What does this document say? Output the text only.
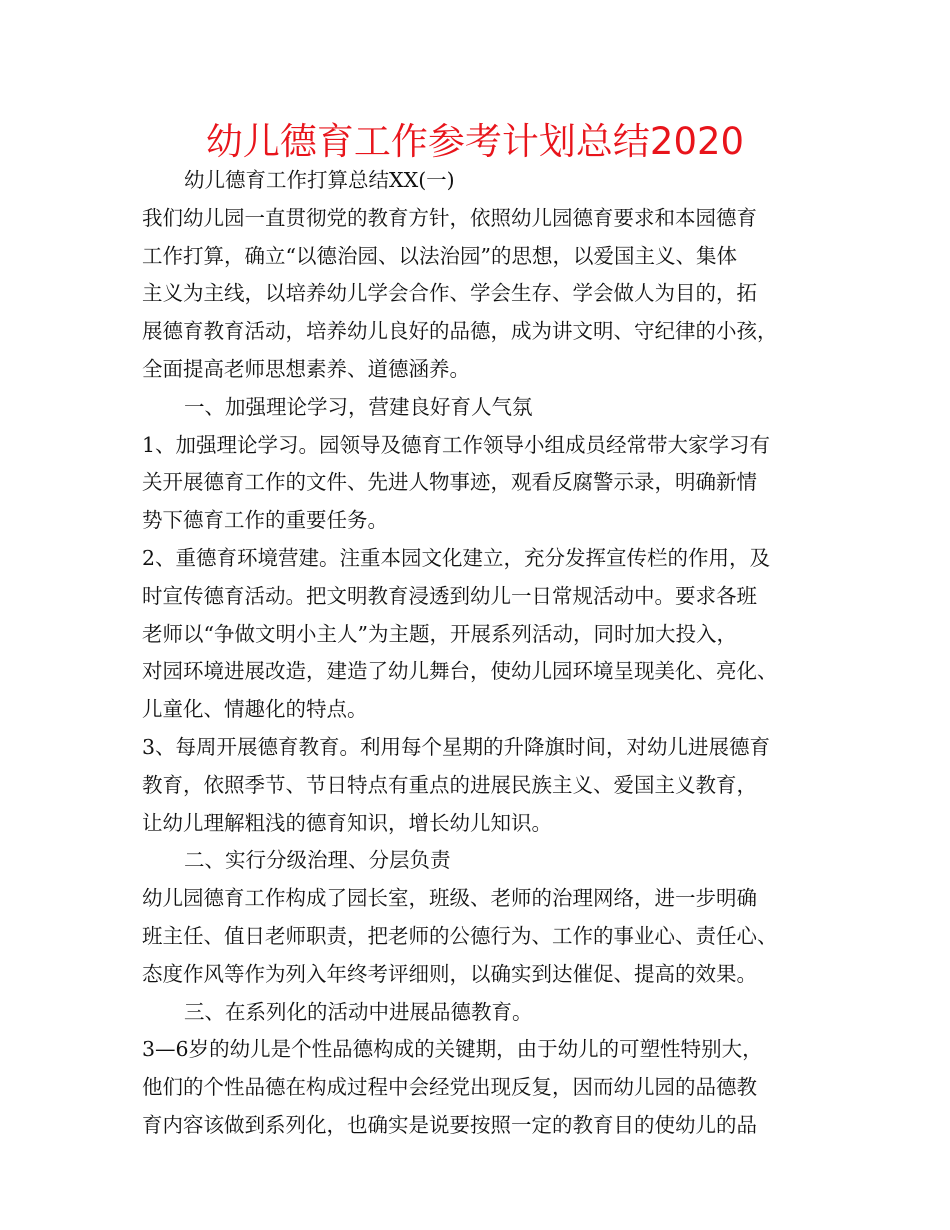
幼儿德育工作参考计划总结2020
幼儿德育工作打算总结XX(一)
我们幼儿园一直贯彻党的教育方针，依照幼儿园德育要求和本园德育
工作打算，确立“以德治园、以法治园”的思想，以爱国主义、集体
主义为主线，以培养幼儿学会合作、学会生存、学会做人为目的，拓
展德育教育活动，培养幼儿良好的品德，成为讲文明、守纪律的小孩，
全面提高老师思想素养、道德涵养。
一、加强理论学习，营建良好育人气氛
1、加强理论学习。园领导及德育工作领导小组成员经常带大家学习有
关开展德育工作的文件、先进人物事迹，观看反腐警示录，明确新情
势下德育工作的重要任务。
2、重德育环境营建。注重本园文化建立，充分发挥宣传栏的作用，及
时宣传德育活动。把文明教育浸透到幼儿一日常规活动中。要求各班
老师以“争做文明小主人”为主题，开展系列活动，同时加大投入，
对园环境进展改造，建造了幼儿舞台，使幼儿园环境呈现美化、亮化、
儿童化、情趣化的特点。
3、每周开展德育教育。利用每个星期的升降旗时间，对幼儿进展德育
教育，依照季节、节日特点有重点的进展民族主义、爱国主义教育，
让幼儿理解粗浅的德育知识，增长幼儿知识。
二、实行分级治理、分层负责
幼儿园德育工作构成了园长室，班级、老师的治理网络，进一步明确
班主任、值日老师职责，把老师的公德行为、工作的事业心、责任心、
态度作风等作为列入年终考评细则，以确实到达催促、提高的效果。
三、在系列化的活动中进展品德教育。
3—6岁的幼儿是个性品德构成的关键期，由于幼儿的可塑性特别大，
他们的个性品德在构成过程中会经党出现反复，因而幼儿园的品德教
育内容该做到系列化，也确实是说要按照一定的教育目的使幼儿的品
